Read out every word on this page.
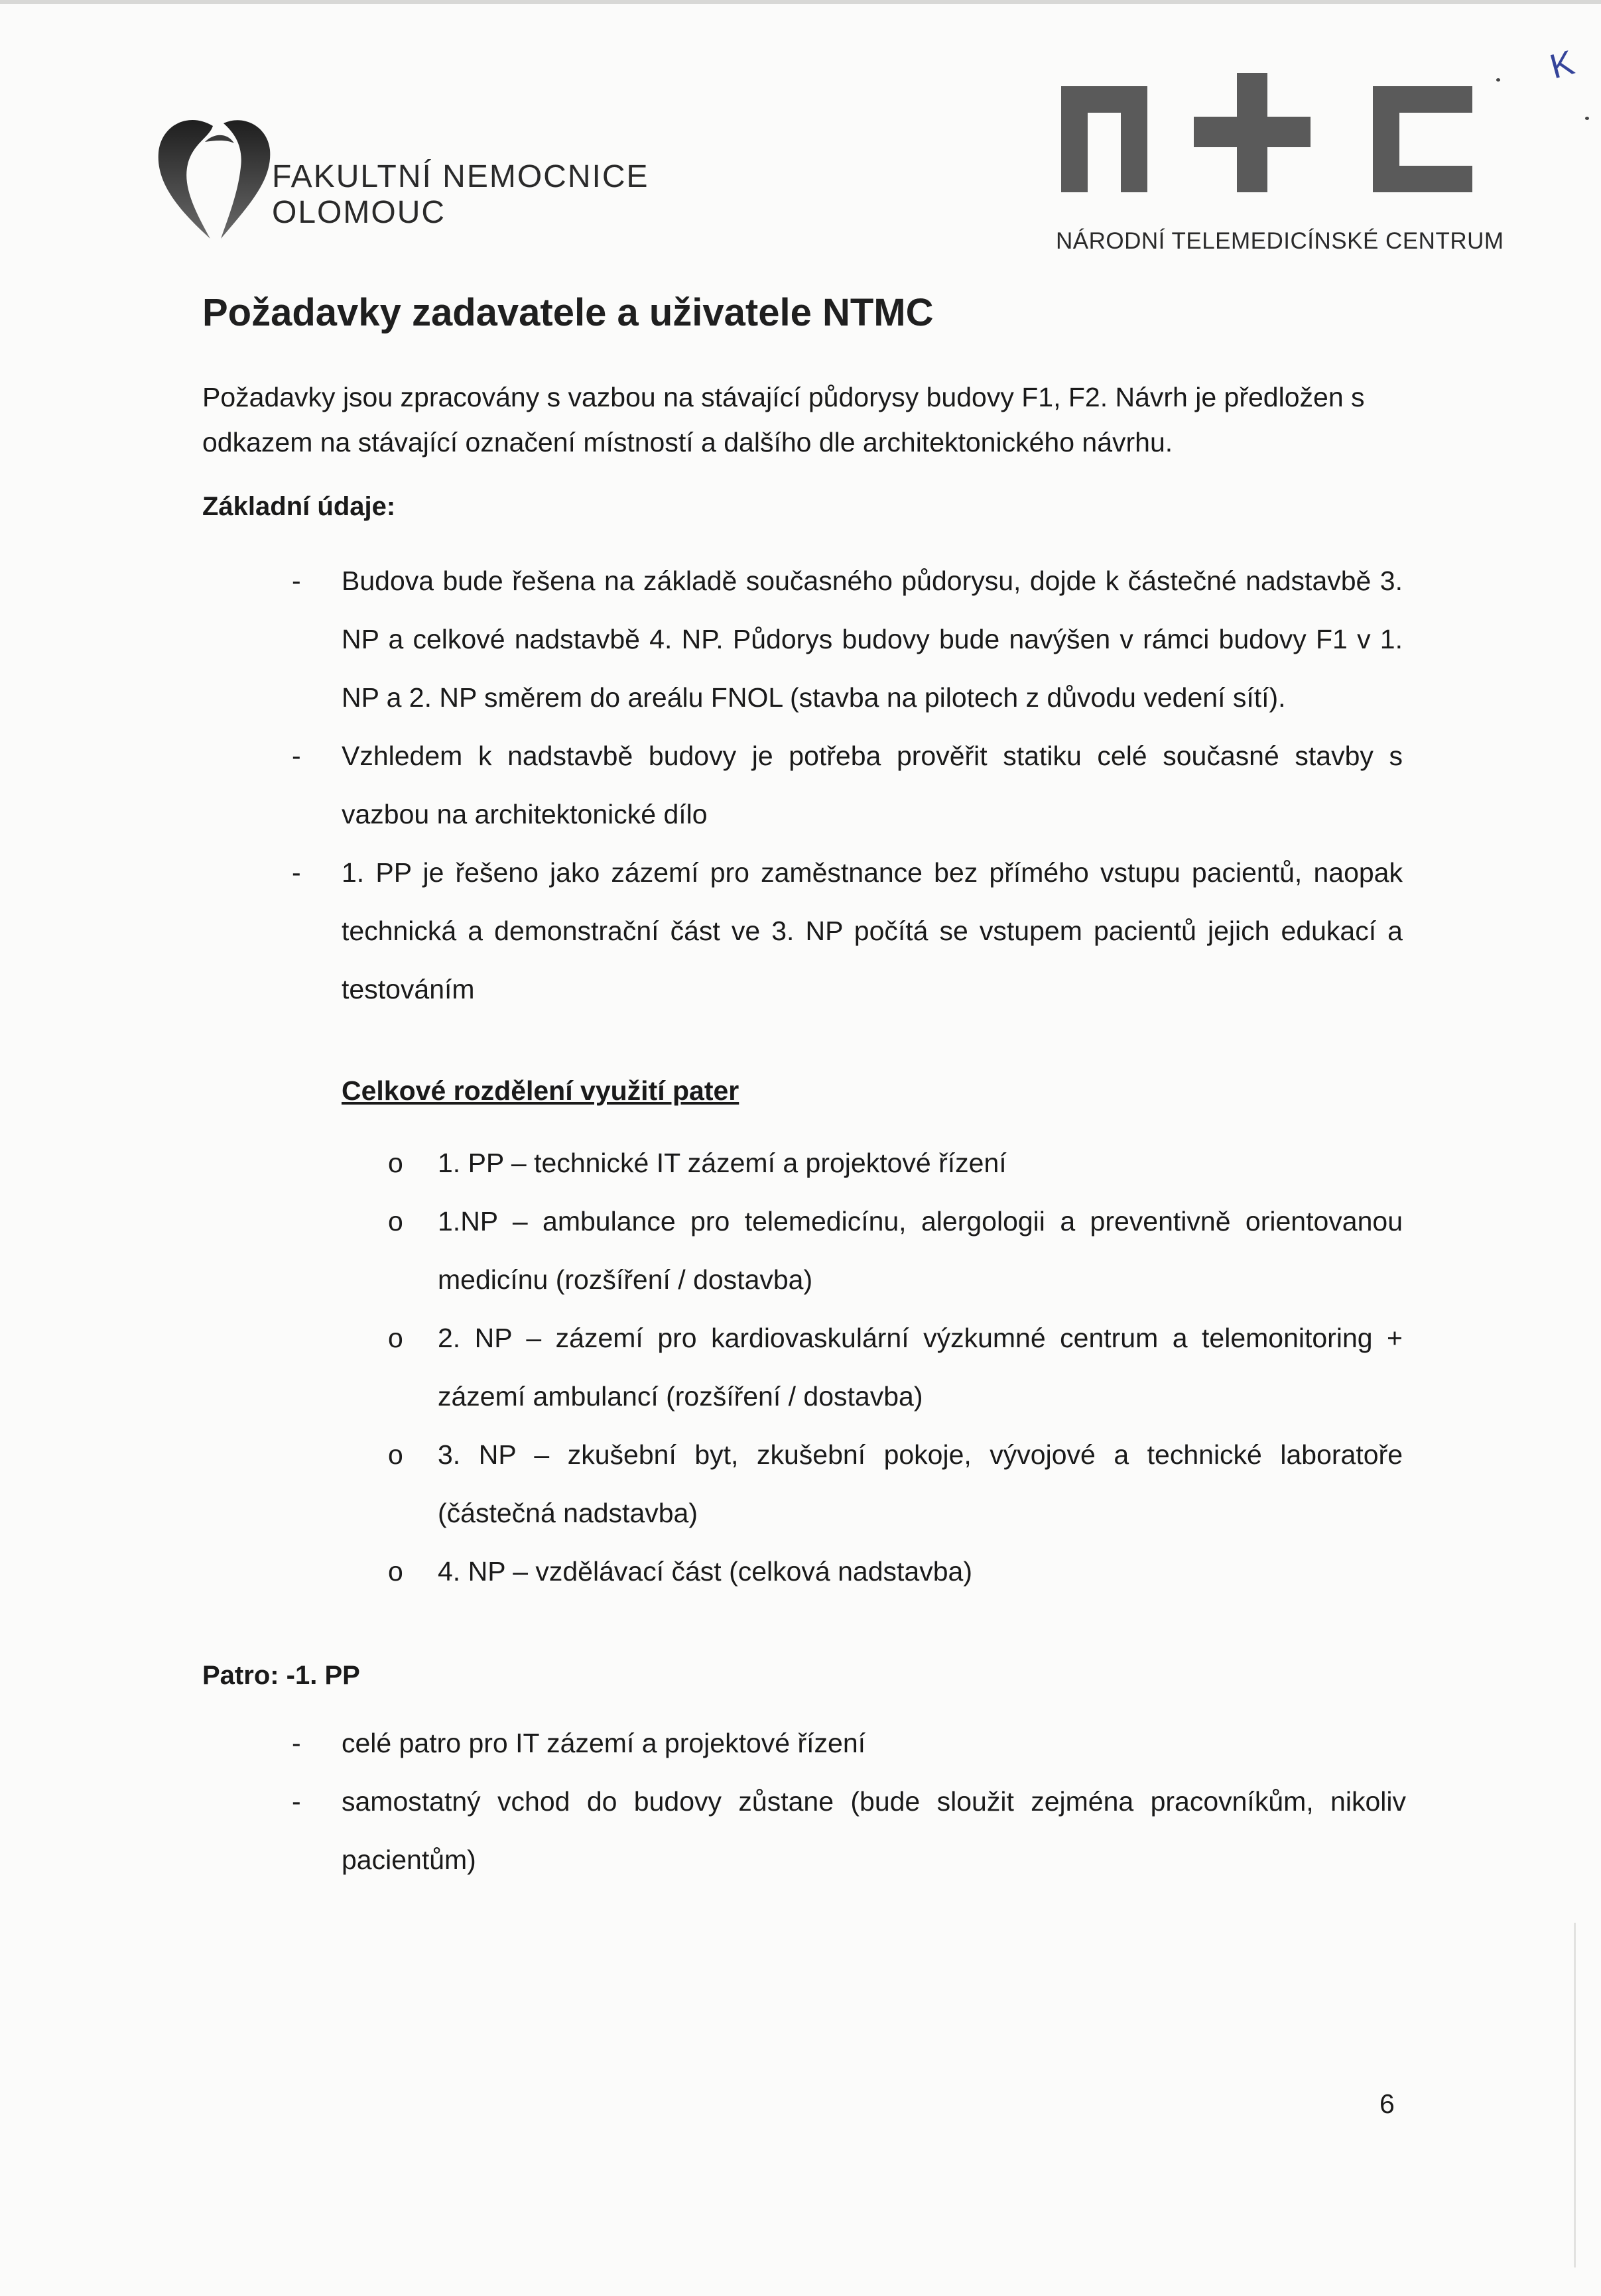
FAKULTNÍ NEMOCNICE
OLOMOUC
NÁRODNÍ TELEMEDICÍNSKÉ CENTRUM
K
Požadavky zadavatele a uživatele NTMC

Požadavky jsou zpracovány s vazbou na stávající půdorysy budovy F1, F2. Návrh je předložen s odkazem na stávající označení místností a dalšího dle architektonického návrhu.

Základní údaje:
- Budova bude řešena na základě současného půdorysu, dojde k částečné nadstavbě 3. NP a celkové nadstavbě 4. NP. Půdorys budovy bude navýšen v rámci budovy F1 v 1. NP a 2. NP směrem do areálu FNOL (stavba na pilotech z důvodu vedení sítí).
- Vzhledem k nadstavbě budovy je potřeba prověřit statiku celé současné stavby s vazbou na architektonické dílo
- 1. PP je řešeno jako zázemí pro zaměstnance bez přímého vstupu pacientů, naopak technická a demonstrační část ve 3. NP počítá se vstupem pacientů jejich edukací a testováním
Celkové rozdělení využití pater
o 1. PP – technické IT zázemí a projektové řízení
o 1.NP – ambulance pro telemedicínu, alergologii a preventivně orientovanou medicínu (rozšíření / dostavba)
o 2. NP – zázemí pro kardiovaskulární výzkumné centrum a telemonitoring + zázemí ambulancí (rozšíření / dostavba)
o 3. NP – zkušební byt, zkušební pokoje, vývojové a technické laboratoře (částečná nadstavba)
o 4. NP – vzdělávací část (celková nadstavba)
Patro: -1. PP
- celé patro pro IT zázemí a projektové řízení
- samostatný vchod do budovy zůstane (bude sloužit zejména pracovníkům, nikoliv pacientům)
6
